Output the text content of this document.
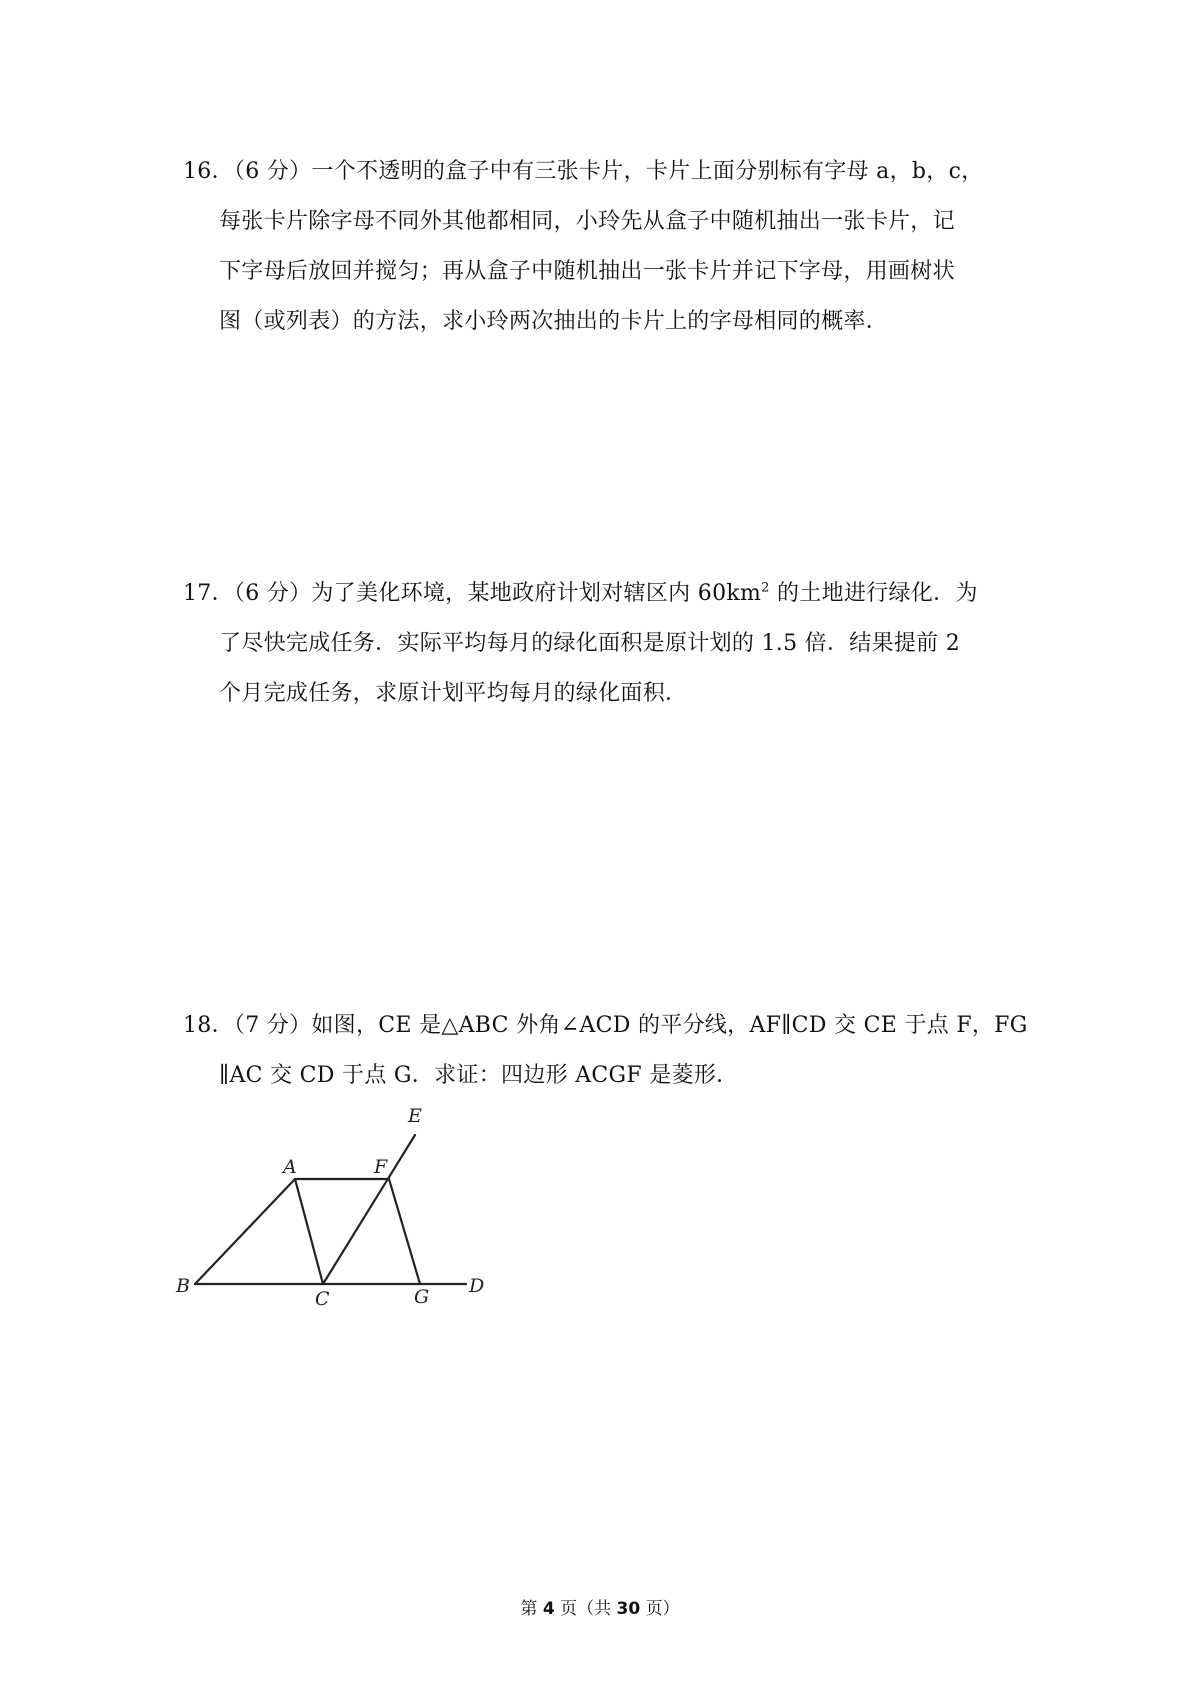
16．（6 分）一个不透明的盒子中有三张卡片，卡片上面分别标有字母 a，b，c，
每张卡片除字母不同外其他都相同，小玲先从盒子中随机抽出一张卡片，记
下字母后放回并搅匀；再从盒子中随机抽出一张卡片并记下字母，用画树状
图（或列表）的方法，求小玲两次抽出的卡片上的字母相同的概率．
17．（6 分）为了美化环境，某地政府计划对辖区内 $60km^2$ 的土地进行绿化．为
了尽快完成任务．实际平均每月的绿化面积是原计划的 1.5 倍．结果提前 2
个月完成任务，求原计划平均每月的绿化面积．
18．（7 分）如图，CE 是△ABC 外角∠ACD 的平分线，AF∥CD 交 CE 于点 F，FG
∥AC 交 CD 于点 G．求证：四边形 ACGF 是菱形．
A
B
C
D
E
F
G
第 4 页（共 30 页）
